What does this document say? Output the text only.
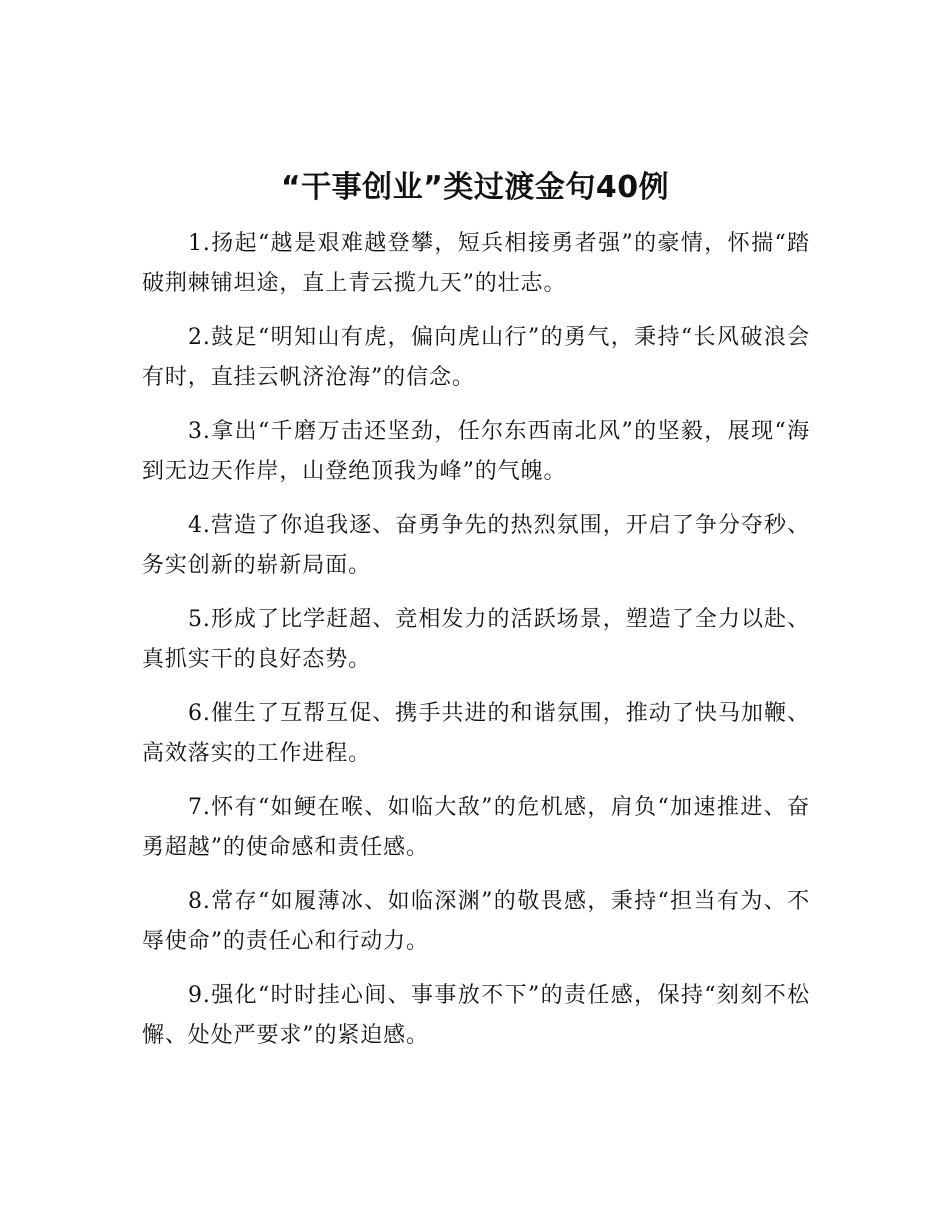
“干事创业”类过渡金句40例

1.扬起“越是艰难越登攀，短兵相接勇者强”的豪情，怀揣“踏破荆棘铺坦途，直上青云揽九天”的壮志。

2.鼓足“明知山有虎，偏向虎山行”的勇气，秉持“长风破浪会有时，直挂云帆济沧海”的信念。

3.拿出“千磨万击还坚劲，任尔东西南北风”的坚毅，展现“海到无边天作岸，山登绝顶我为峰”的气魄。

4.营造了你追我逐、奋勇争先的热烈氛围，开启了争分夺秒、务实创新的崭新局面。

5.形成了比学赶超、竞相发力的活跃场景，塑造了全力以赴、真抓实干的良好态势。

6.催生了互帮互促、携手共进的和谐氛围，推动了快马加鞭、高效落实的工作进程。

7.怀有“如鲠在喉、如临大敌”的危机感，肩负“加速推进、奋勇超越”的使命感和责任感。

8.常存“如履薄冰、如临深渊”的敬畏感，秉持“担当有为、不辱使命”的责任心和行动力。

9.强化“时时挂心间、事事放不下”的责任感，保持“刻刻不松懈、处处严要求”的紧迫感。
